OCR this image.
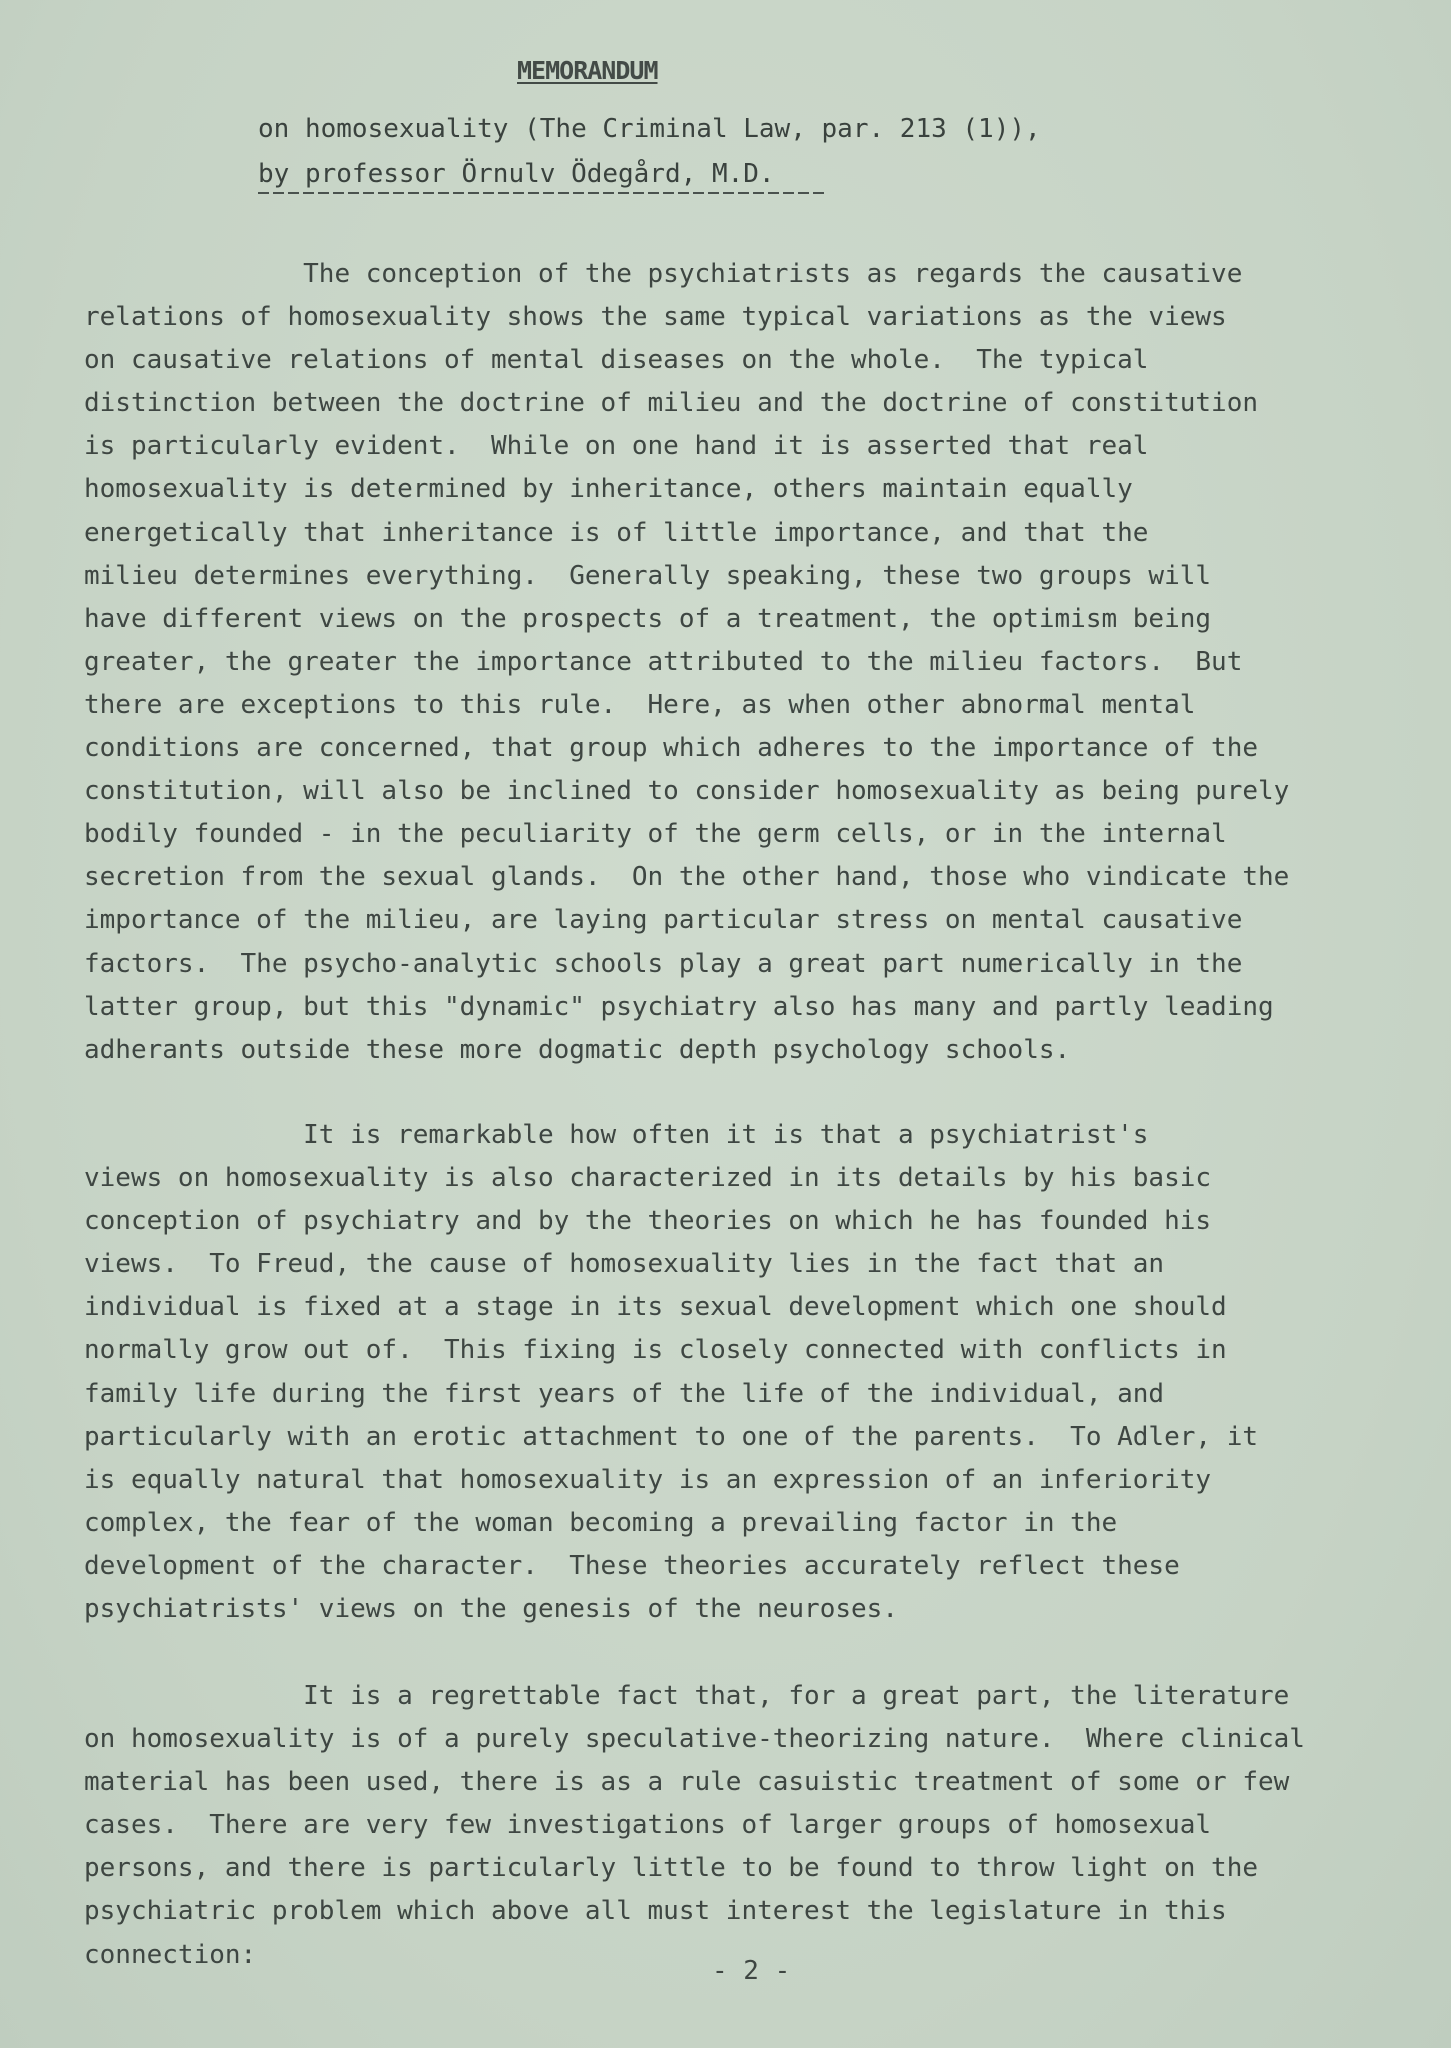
MEMORANDUM
on homosexuality (The Criminal Law, par. 213 (1)),
by professor Örnulv Ödegård, M.D.

The conception of the psychiatrists as regards the causative
relations of homosexuality shows the same typical variations as the views
on causative relations of mental diseases on the whole.  The typical
distinction between the doctrine of milieu and the doctrine of constitution
is particularly evident.  While on one hand it is asserted that real
homosexuality is determined by inheritance, others maintain equally
energetically that inheritance is of little importance, and that the
milieu determines everything.  Generally speaking, these two groups will
have different views on the prospects of a treatment, the optimism being
greater, the greater the importance attributed to the milieu factors.  But
there are exceptions to this rule.  Here, as when other abnormal mental
conditions are concerned, that group which adheres to the importance of the
constitution, will also be inclined to consider homosexuality as being purely
bodily founded - in the peculiarity of the germ cells, or in the internal
secretion from the sexual glands.  On the other hand, those who vindicate the
importance of the milieu, are laying particular stress on mental causative
factors.  The psycho-analytic schools play a great part numerically in the
latter group, but this "dynamic" psychiatry also has many and partly leading
adherants outside these more dogmatic depth psychology schools.

It is remarkable how often it is that a psychiatrist's
views on homosexuality is also characterized in its details by his basic
conception of psychiatry and by the theories on which he has founded his
views.  To Freud, the cause of homosexuality lies in the fact that an
individual is fixed at a stage in its sexual development which one should
normally grow out of.  This fixing is closely connected with conflicts in
family life during the first years of the life of the individual, and
particularly with an erotic attachment to one of the parents.  To Adler, it
is equally natural that homosexuality is an expression of an inferiority
complex, the fear of the woman becoming a prevailing factor in the
development of the character.  These theories accurately reflect these
psychiatrists' views on the genesis of the neuroses.

It is a regrettable fact that, for a great part, the literature
on homosexuality is of a purely speculative-theorizing nature.  Where clinical
material has been used, there is as a rule casuistic treatment of some or few
cases.  There are very few investigations of larger groups of homosexual
persons, and there is particularly little to be found to throw light on the
psychiatric problem which above all must interest the legislature in this
connection:

- 2 -
